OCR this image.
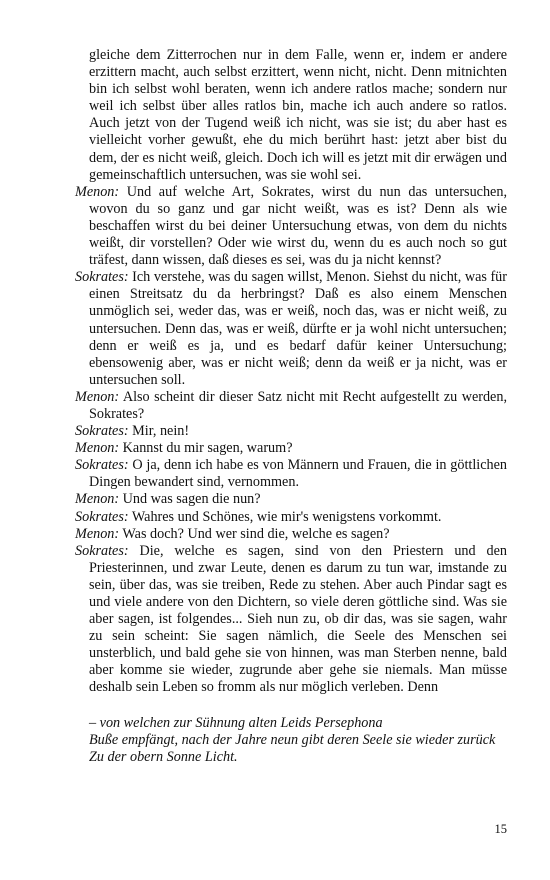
gleiche dem Zitterrochen nur in dem Falle, wenn er, indem er andere erzittern macht, auch selbst erzittert, wenn nicht, nicht. Denn mitnichten bin ich selbst wohl beraten, wenn ich andere ratlos mache; sondern nur weil ich selbst über alles ratlos bin, mache ich auch andere so ratlos. Auch jetzt von der Tugend weiß ich nicht, was sie ist; du aber hast es vielleicht vorher gewußt, ehe du mich berührt hast: jetzt aber bist du dem, der es nicht weiß, gleich. Doch ich will es jetzt mit dir erwägen und gemeinschaftlich untersuchen, was sie wohl sei.

Menon: Und auf welche Art, Sokrates, wirst du nun das untersuchen, wovon du so ganz und gar nicht weißt, was es ist? Denn als wie beschaffen wirst du bei deiner Untersuchung etwas, von dem du nichts weißt, dir vorstellen? Oder wie wirst du, wenn du es auch noch so gut träfest, dann wissen, daß dieses es sei, was du ja nicht kennst?

Sokrates: Ich verstehe, was du sagen willst, Menon. Siehst du nicht, was für einen Streitsatz du da herbringst? Daß es also einem Menschen unmöglich sei, weder das, was er weiß, noch das, was er nicht weiß, zu untersuchen. Denn das, was er weiß, dürfte er ja wohl nicht untersuchen; denn er weiß es ja, und es bedarf dafür keiner Untersuchung; ebensowenig aber, was er nicht weiß; denn da weiß er ja nicht, was er untersuchen soll.

Menon: Also scheint dir dieser Satz nicht mit Recht aufgestellt zu werden, Sokrates?

Sokrates: Mir, nein!

Menon: Kannst du mir sagen, warum?

Sokrates: O ja, denn ich habe es von Männern und Frauen, die in göttlichen Dingen bewandert sind, vernommen.

Menon: Und was sagen die nun?

Sokrates: Wahres und Schönes, wie mir's wenigstens vorkommt.

Menon: Was doch? Und wer sind die, welche es sagen?

Sokrates: Die, welche es sagen, sind von den Priestern und den Priesterinnen, und zwar Leute, denen es darum zu tun war, imstande zu sein, über das, was sie treiben, Rede zu stehen. Aber auch Pindar sagt es und viele andere von den Dichtern, so viele deren göttliche sind. Was sie aber sagen, ist folgendes... Sieh nun zu, ob dir das, was sie sagen, wahr zu sein scheint: Sie sagen nämlich, die Seele des Menschen sei unsterblich, und bald gehe sie von hinnen, was man Sterben nenne, bald aber komme sie wieder, zugrunde aber gehe sie niemals. Man müsse deshalb sein Leben so fromm als nur möglich verleben. Denn

– von welchen zur Sühnung alten Leids Persephona
Buße empfängt, nach der Jahre neun gibt deren Seele sie wieder zurück
Zu der obern Sonne Licht.
15
